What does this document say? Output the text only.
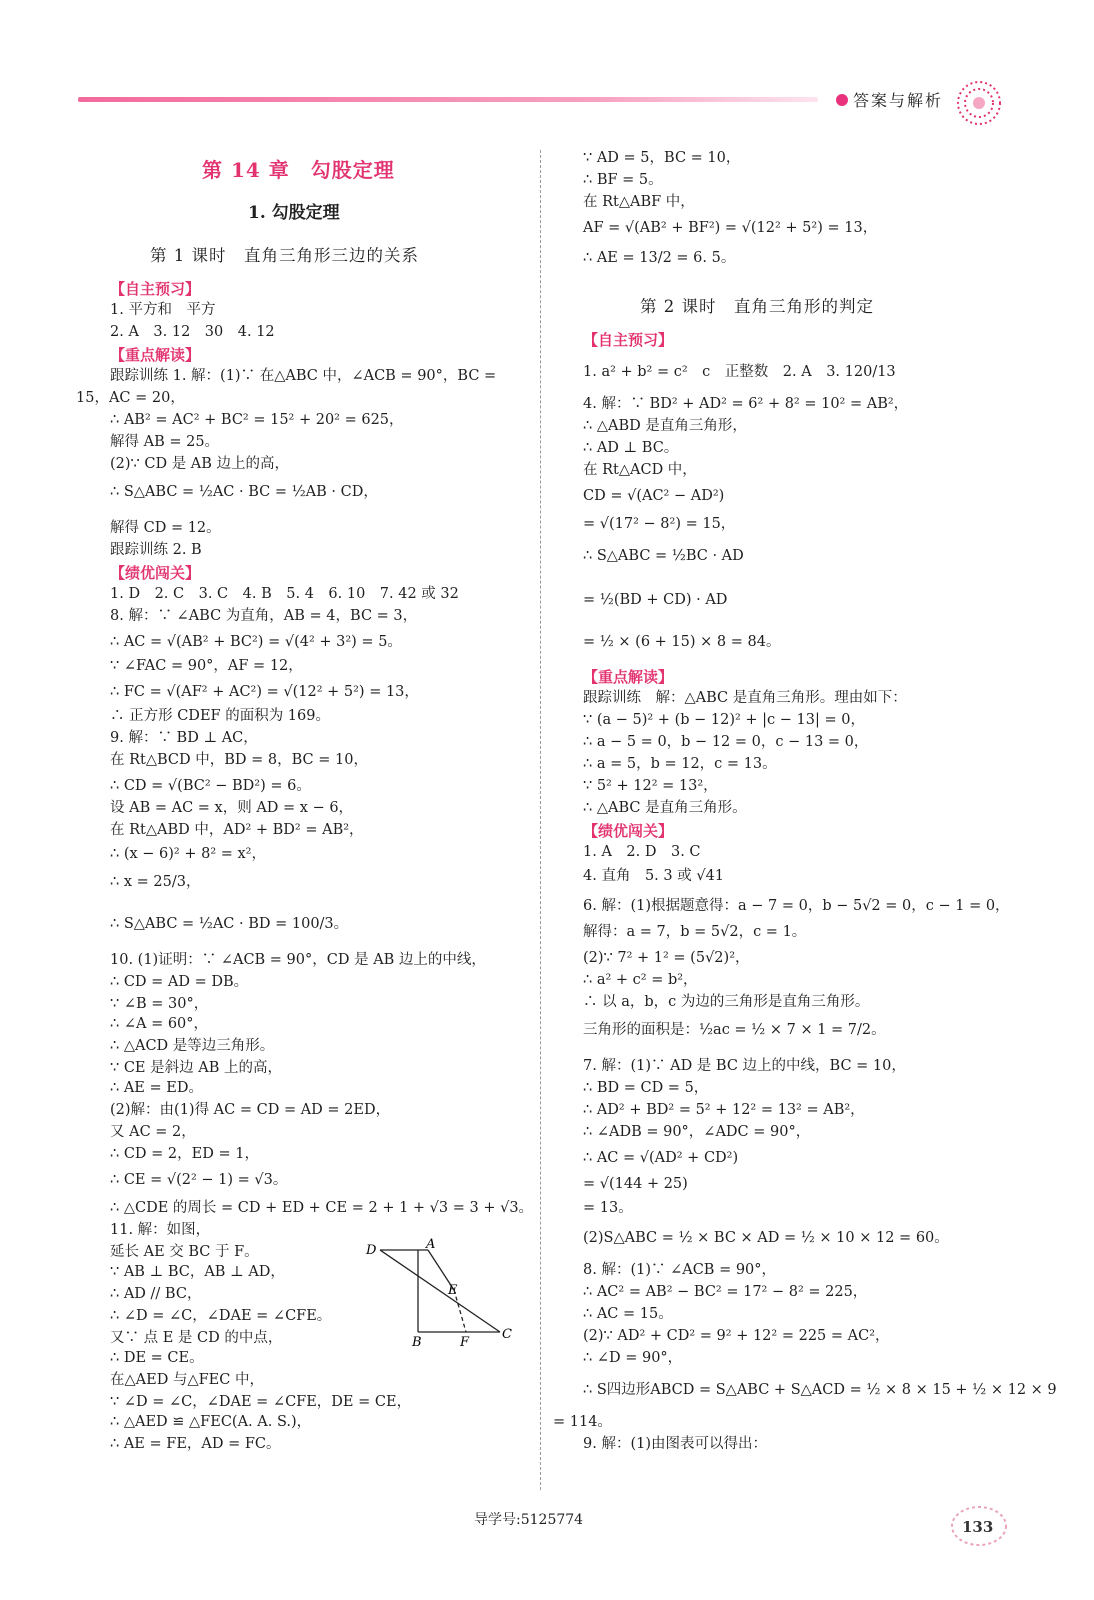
答案与解析
第 14 章　勾股定理
1. 勾股定理
第 1 课时　直角三角形三边的关系
【自主预习】
1. 平方和　平方
2. A　3. 12　30　4. 12
【重点解读】
跟踪训练 1. 解：(1)∵ 在△ABC 中，∠ACB = 90°，BC =
15，AC = 20，
∴ AB² = AC² + BC² = 15² + 20² = 625，
解得 AB = 25。
(2)∵ CD 是 AB 边上的高，
∴ S△ABC = ½AC · BC = ½AB · CD，
解得 CD = 12。
跟踪训练 2. B
【绩优闯关】
1. D　2. C　3. C　4. B　5. 4　6. 10　7. 42 或 32
8. 解：∵ ∠ABC 为直角，AB = 4，BC = 3，
∴ AC = √(AB² + BC²) = √(4² + 3²) = 5。
∵ ∠FAC = 90°，AF = 12，
∴ FC = √(AF² + AC²) = √(12² + 5²) = 13，
∴ 正方形 CDEF 的面积为 169。
9. 解：∵ BD ⊥ AC，
在 Rt△BCD 中，BD = 8，BC = 10，
∴ CD = √(BC² − BD²) = 6。
设 AB = AC = x，则 AD = x − 6，
在 Rt△ABD 中，AD² + BD² = AB²，
∴ (x − 6)² + 8² = x²，
∴ x = 25/3，
∴ S△ABC = ½AC · BD = 100/3。
10. (1)证明：∵ ∠ACB = 90°，CD 是 AB 边上的中线，
∴ CD = AD = DB。
∵ ∠B = 30°，
∴ ∠A = 60°，
∴ △ACD 是等边三角形。
∵ CE 是斜边 AB 上的高，
∴ AE = ED。
(2)解：由(1)得 AC = CD = AD = 2ED，
又 AC = 2，
∴ CD = 2，ED = 1，
∴ CE = √(2² − 1) = √3。
∴ △CDE 的周长 = CD + ED + CE = 2 + 1 + √3 = 3 + √3。
11. 解：如图，
延长 AE 交 BC 于 F。
∵ AB ⊥ BC，AB ⊥ AD，
∴ AD // BC，
∴ ∠D = ∠C，∠DAE = ∠CFE。
又∵ 点 E 是 CD 的中点，
∴ DE = CE。
在△AED 与△FEC 中，
∵ ∠D = ∠C，∠DAE = ∠CFE，DE = CE，
∴ △AED ≌ △FEC(A. A. S.)，
∴ AE = FE，AD = FC。
D	A
E
B	F
C
∵ AD = 5，BC = 10，
∴ BF = 5。
在 Rt△ABF 中，
AF = √(AB² + BF²) = √(12² + 5²) = 13，
∴ AE = 13/2 = 6. 5。
第 2 课时　直角三角形的判定
【自主预习】
1. a² + b² = c²　c　正整数　2. A　3. 120/13
4. 解：∵ BD² + AD² = 6² + 8² = 10² = AB²，
∴ △ABD 是直角三角形，
∴ AD ⊥ BC。
在 Rt△ACD 中，
CD = √(AC² − AD²)
= √(17² − 8²) = 15，
∴ S△ABC = ½BC · AD
= ½(BD + CD) · AD
= ½ × (6 + 15) × 8 = 84。
【重点解读】
跟踪训练　解：△ABC 是直角三角形。理由如下：
∵ (a − 5)² + (b − 12)² + |c − 13| = 0，
∴ a − 5 = 0，b − 12 = 0，c − 13 = 0，
∴ a = 5，b = 12，c = 13。
∵ 5² + 12² = 13²，
∴ △ABC 是直角三角形。
【绩优闯关】
1. A　2. D　3. C
4. 直角　5. 3 或 √41
6. 解：(1)根据题意得：a − 7 = 0，b − 5√2 = 0，c − 1 = 0，
解得：a = 7，b = 5√2，c = 1。
(2)∵ 7² + 1² = (5√2)²，
∴ a² + c² = b²，
∴ 以 a，b，c 为边的三角形是直角三角形。
三角形的面积是：½ac = ½ × 7 × 1 = 7/2。
7. 解：(1)∵ AD 是 BC 边上的中线，BC = 10，
∴ BD = CD = 5，
∴ AD² + BD² = 5² + 12² = 13² = AB²，
∴ ∠ADB = 90°，∠ADC = 90°，
∴ AC = √(AD² + CD²)
= √(144 + 25)
= 13。
(2)S△ABC = ½ × BC × AD = ½ × 10 × 12 = 60。
8. 解：(1)∵ ∠ACB = 90°，
∴ AC² = AB² − BC² = 17² − 8² = 225，
∴ AC = 15。
(2)∵ AD² + CD² = 9² + 12² = 225 = AC²，
∴ ∠D = 90°，
∴ S四边形ABCD = S△ABC + S△ACD = ½ × 8 × 15 + ½ × 12 × 9
= 114。
9. 解：(1)由图表可以得出：
导学号:5125774	133
